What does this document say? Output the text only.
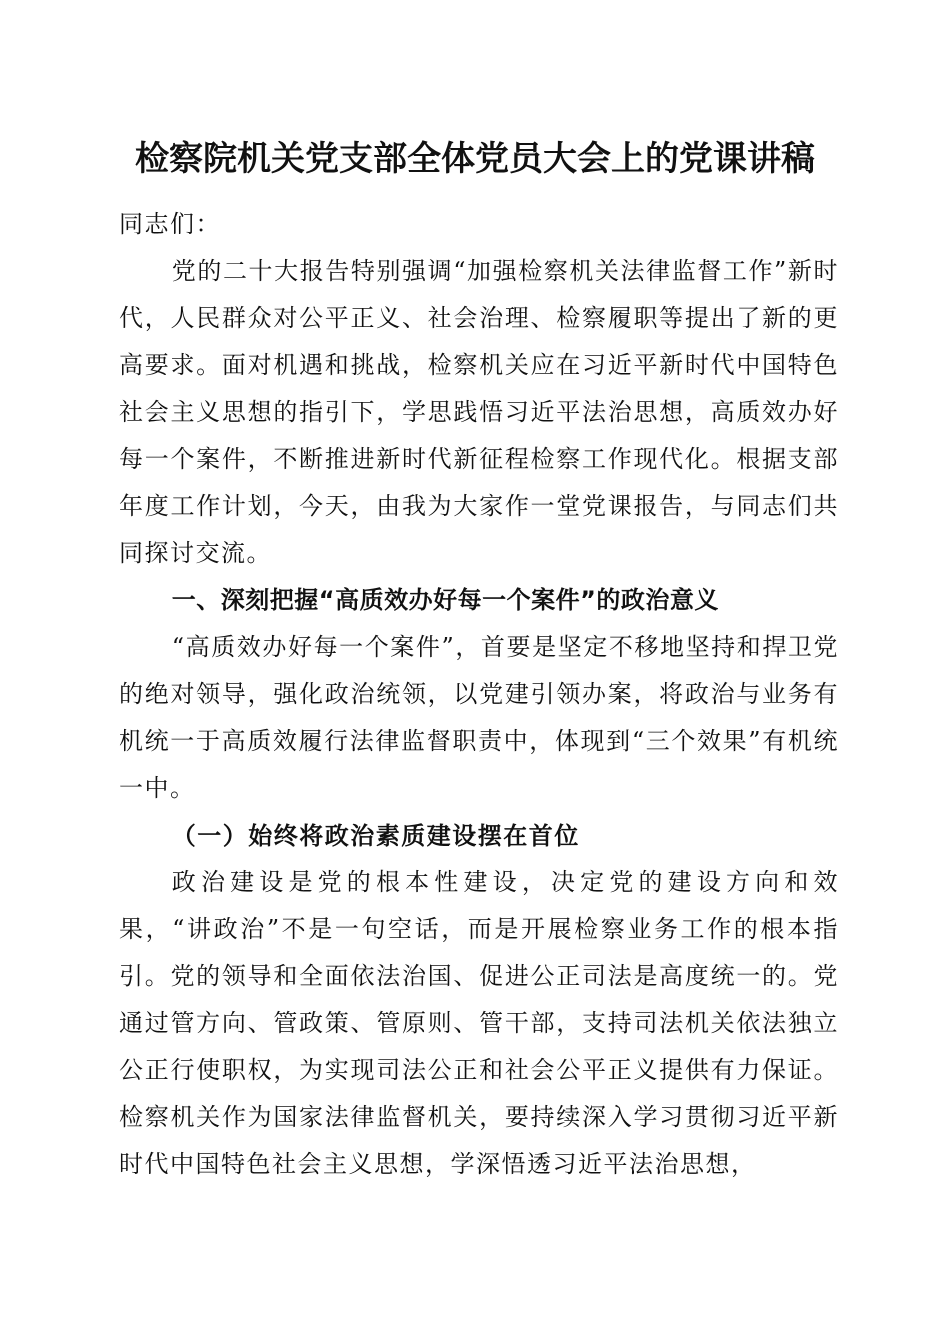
检察院机关党支部全体党员大会上的党课讲稿

同志们：

党的二十大报告特别强调“加强检察机关法律监督工作”新时代，人民群众对公平正义、社会治理、检察履职等提出了新的更高要求。面对机遇和挑战，检察机关应在习近平新时代中国特色社会主义思想的指引下，学思践悟习近平法治思想，高质效办好每一个案件，不断推进新时代新征程检察工作现代化。根据支部年度工作计划，今天，由我为大家作一堂党课报告，与同志们共同探讨交流。

一、深刻把握“高质效办好每一个案件”的政治意义

“高质效办好每一个案件”，首要是坚定不移地坚持和捍卫党的绝对领导，强化政治统领，以党建引领办案，将政治与业务有机统一于高质效履行法律监督职责中，体现到“三个效果”有机统一中。

（一）始终将政治素质建设摆在首位

政治建设是党的根本性建设，决定党的建设方向和效果，“讲政治”不是一句空话，而是开展检察业务工作的根本指引。党的领导和全面依法治国、促进公正司法是高度统一的。党通过管方向、管政策、管原则、管干部，支持司法机关依法独立公正行使职权，为实现司法公正和社会公平正义提供有力保证。检察机关作为国家法律监督机关，要持续深入学习贯彻习近平新时代中国特色社会主义思想，学深悟透习近平法治思想，
